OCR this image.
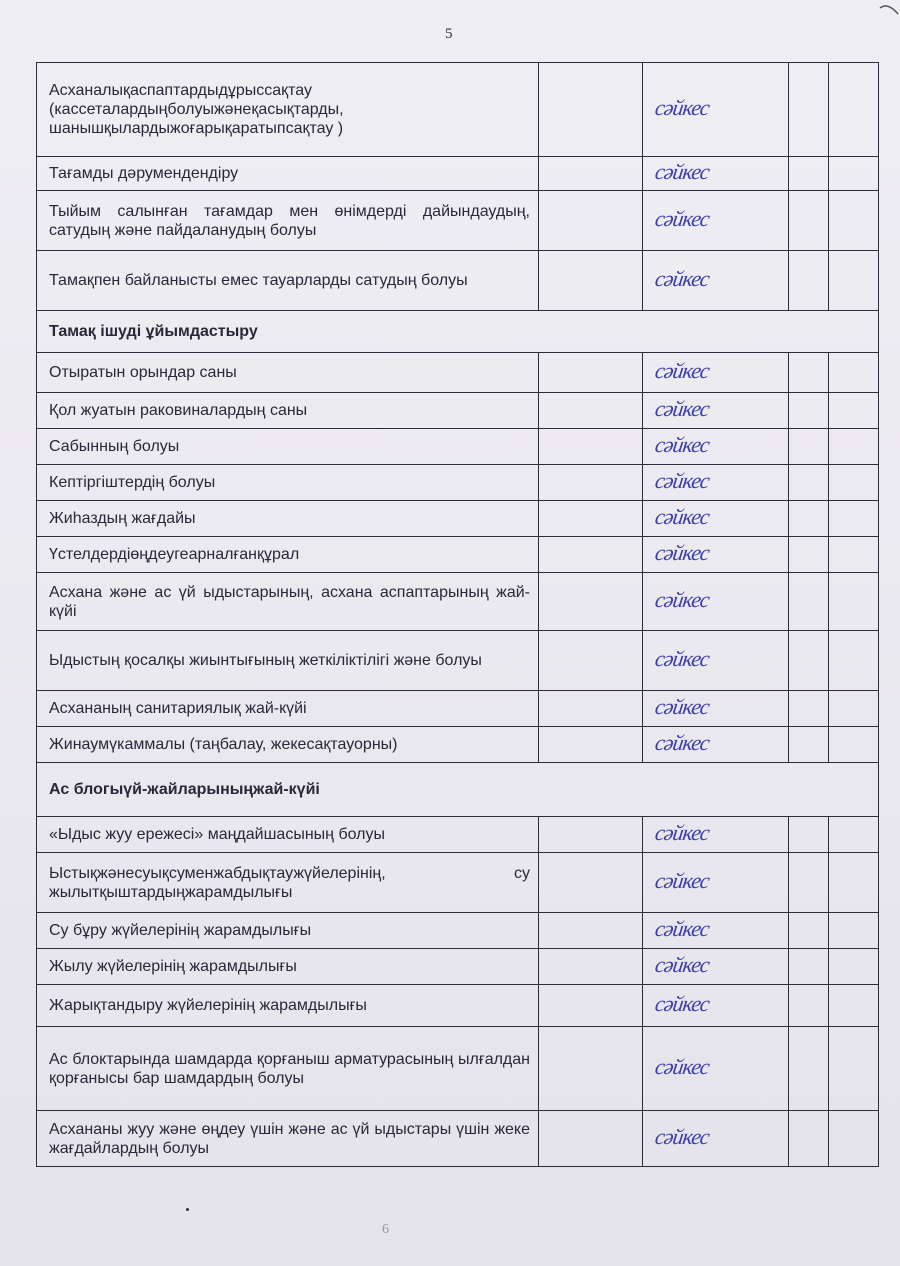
5
Асханалықаспаптардыдұрыссақтау (кассеталардыңболуыжәнеқасықтарды, шанышқылардыжоғарықаратыпсақтау )		сәйкес		
Тағамды дәрумендендіру		сәйкес		
Тыйым салынған тағамдар мен өнімдерді дайындаудың, сатудың және пайдаланудың болуы		сәйкес		
Тамақпен байланысты емес тауарларды сатудың болуы		сәйкес		
Тамақ ішуді ұйымдастыру				
Отыратын орындар саны		сәйкес		
Қол жуатын раковиналардың саны		сәйкес		
Сабынның болуы		сәйкес		
Кептіргіштердің болуы		сәйкес		
Жиһаздың жағдайы		сәйкес		
Үстелдердіөңдеугеарналғанқұрал		сәйкес		
Асхана және ас үй ыдыстарының, асхана аспаптарының жай-күйі		сәйкес		
Ыдыстың қосалқы жиынтығының жеткіліктілігі және болуы		сәйкес		
Асхананың санитариялық жай-күйі		сәйкес		
Жинаумүкаммалы (таңбалау, жекесақтауорны)		сәйкес		
Ас блогыүй-жайларыныңжай-күйі				
«Ыдыс жуу ережесі» маңдайшасының болуы		сәйкес		
Ыстықжәнесуықсуменжабдықтаужүйелерінің, су жылытқыштардыңжарамдылығы		сәйкес		
Су бұру жүйелерінің жарамдылығы		сәйкес		
Жылу жүйелерінің жарамдылығы		сәйкес		
Жарықтандыру жүйелерінің жарамдылығы		сәйкес		
Ас блоктарында шамдарда қорғаныш арматурасының ылғалдан қорғанысы бар шамдардың болуы		сәйкес		
Асхананы жуу және өңдеу үшін және ас үй ыдыстары үшін жеке жағдайлардың болуы		сәйкес		
6
